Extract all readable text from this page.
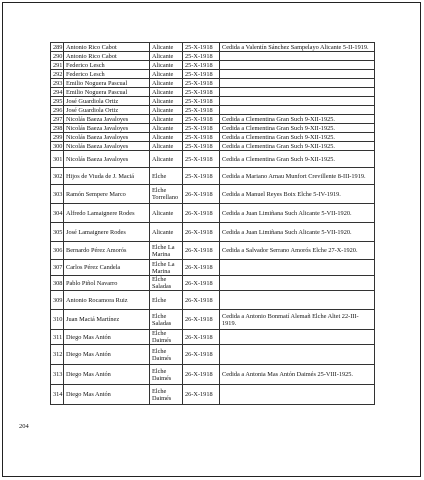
289	Antonio Rico Cabot	Alicante	25-X-1918	Cedida a Valentín Sánchez Sampelayo Alicante 5-II-1919.
290	Antonio Rico Cabot	Alicante	25-X-1918	
291	Federico Lesch	Alicante	25-X-1918	
292	Federico Lesch	Alicante	25-X-1918	
293	Emilio Noguera Pascual	Alicante	25-X-1918	
294	Emilio Noguera Pascual	Alicante	25-X-1918	
295	José Guardiola Ortiz	Alicante	25-X-1918	
296	José Guardiola Ortiz	Alicante	25-X-1918	
297	Nicolás Baeza Javaloyes	Alicante	25-X-1918	Cedida a Clementina Gran Such 9-XII-1925.
298	Nicolás Baeza Javaloyes	Alicante	25-X-1918	Cedida a Clementina Gran Such 9-XII-1925.
299	Nicolás Baeza Javaloyes	Alicante	25-X-1918	Cedida a Clementina Gran Such 9-XII-1925.
300	Nicolás Baeza Javaloyes	Alicante	25-X-1918	Cedida a Clementina Gran Such 9-XII-1925.
301	Nicolás Baeza Javaloyes	Alicante	25-X-1918	Cedida a Clementina Gran Such 9-XII-1925.
302	Hijos de Viuda de J. Maciá	Elche	25-X-1918	Cedida a Mariano Arnau Munfort Crevillente 8-III-1919.
303	Ramón Sempere Marco	Elche Torrellano	26-X-1918	Cedida a Manuel Reyes Boix Elche 5-IV-1919.
304	Alfredo Lamaignere Rodes	Alicante	26-X-1918	Cedida a Juan Limiñana Such Alicante 5-VII-1920.
305	José Lamaignere Rodes	Alicante	26-X-1918	Cedida a Juan Limiñana Such Alicante 5-VII-1920.
306	Bernardo Pérez Amorós	Elche La Marina	26-X-1918	Cedida a Salvador Serrano Amorós Elche 27-X-1920.
307	Carlos Pérez Candela	Elche La Marina	26-X-1918	
308	Pablo Piñol Navarro	Elche Saladas	26-X-1918	
309	Antonio Rocamora Ruiz	Elche	26-X-1918	
310	Juan Maciá Martínez	Elche Saladas	26-X-1918	Cedida a Antonio Bonmatí Alemañ Elche Altet 22-III-1919.
311	Diego Mas Antón	Elche Daimés	26-X-1918	
312	Diego Mas Antón	Elche Daimés	26-X-1918	
313	Diego Mas Antón	Elche Daimés	26-X-1918	Cedida a Antonia Mas Antón Daimés 25-VIII-1925.
314	Diego Mas Antón	Elche Daimés	26-X-1918	
204
